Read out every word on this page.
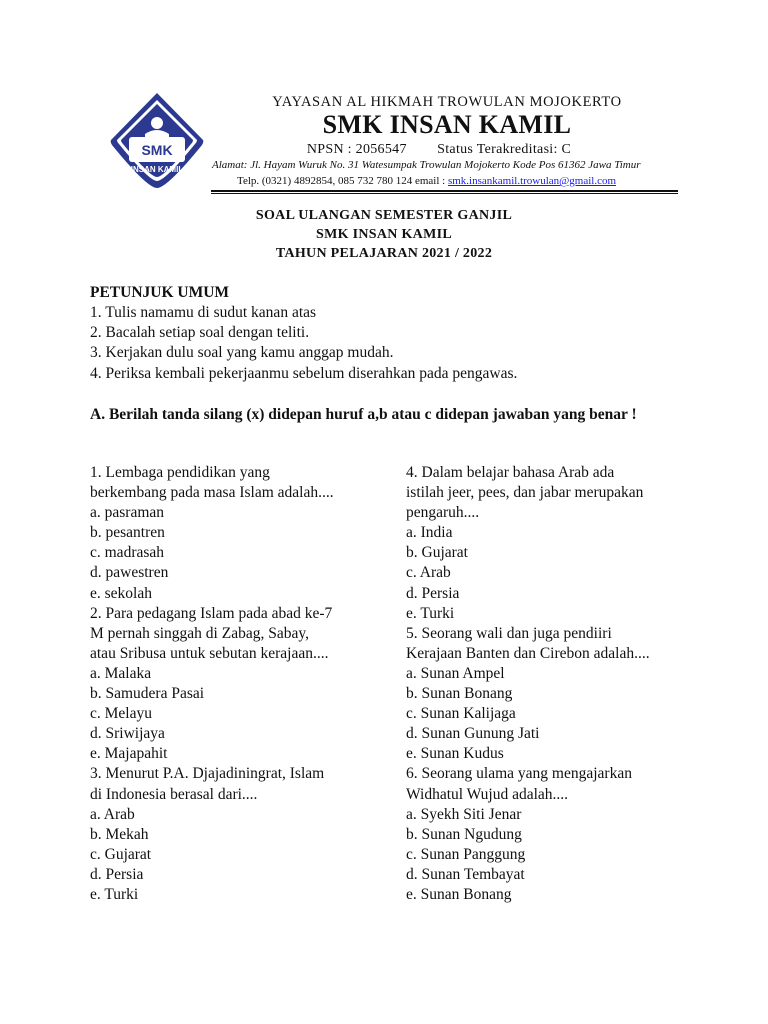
SMK
INSAN KAMIL
YAYASAN AL HIKMAH TROWULAN MOJOKERTO
SMK INSAN KAMIL
NPSN : 2056547 Status Terakreditasi: C
Alamat: Jl. Hayam Wuruk No. 31 Watesumpak Trowulan Mojokerto Kode Pos 61362 Jawa Timur
Telp. (0321) 4892854, 085 732 780 124 email : smk.insankamil.trowulan@gmail.com
SOAL ULANGAN SEMESTER GANJIL
SMK INSAN KAMIL
TAHUN PELAJARAN 2021 / 2022
PETUNJUK UMUM
1. Tulis namamu di sudut kanan atas
2. Bacalah setiap soal dengan teliti.
3. Kerjakan dulu soal yang kamu anggap mudah.
4. Periksa kembali pekerjaanmu sebelum diserahkan pada pengawas.
A. Berilah tanda silang (x) didepan huruf a,b atau c didepan jawaban yang benar !
1. Lembaga pendidikan yang
berkembang pada masa Islam adalah....
a. pasraman
b. pesantren
c. madrasah
d. pawestren
e. sekolah
2. Para pedagang Islam pada abad ke-7
M pernah singgah di Zabag, Sabay,
atau Sribusa untuk sebutan kerajaan....
a. Malaka
b. Samudera Pasai
c. Melayu
d. Sriwijaya
e. Majapahit
3. Menurut P.A. Djajadiningrat, Islam
di Indonesia berasal dari....
a. Arab
b. Mekah
c. Gujarat
d. Persia
e. Turki
4. Dalam belajar bahasa Arab ada
istilah jeer, pees, dan jabar merupakan
pengaruh....
a. India
b. Gujarat
c. Arab
d. Persia
e. Turki
5. Seorang wali dan juga pendiiri
Kerajaan Banten dan Cirebon adalah....
a. Sunan Ampel
b. Sunan Bonang
c. Sunan Kalijaga
d. Sunan Gunung Jati
e. Sunan Kudus
6. Seorang ulama yang mengajarkan
Widhatul Wujud adalah....
a. Syekh Siti Jenar
b. Sunan Ngudung
c. Sunan Panggung
d. Sunan Tembayat
e. Sunan Bonang
